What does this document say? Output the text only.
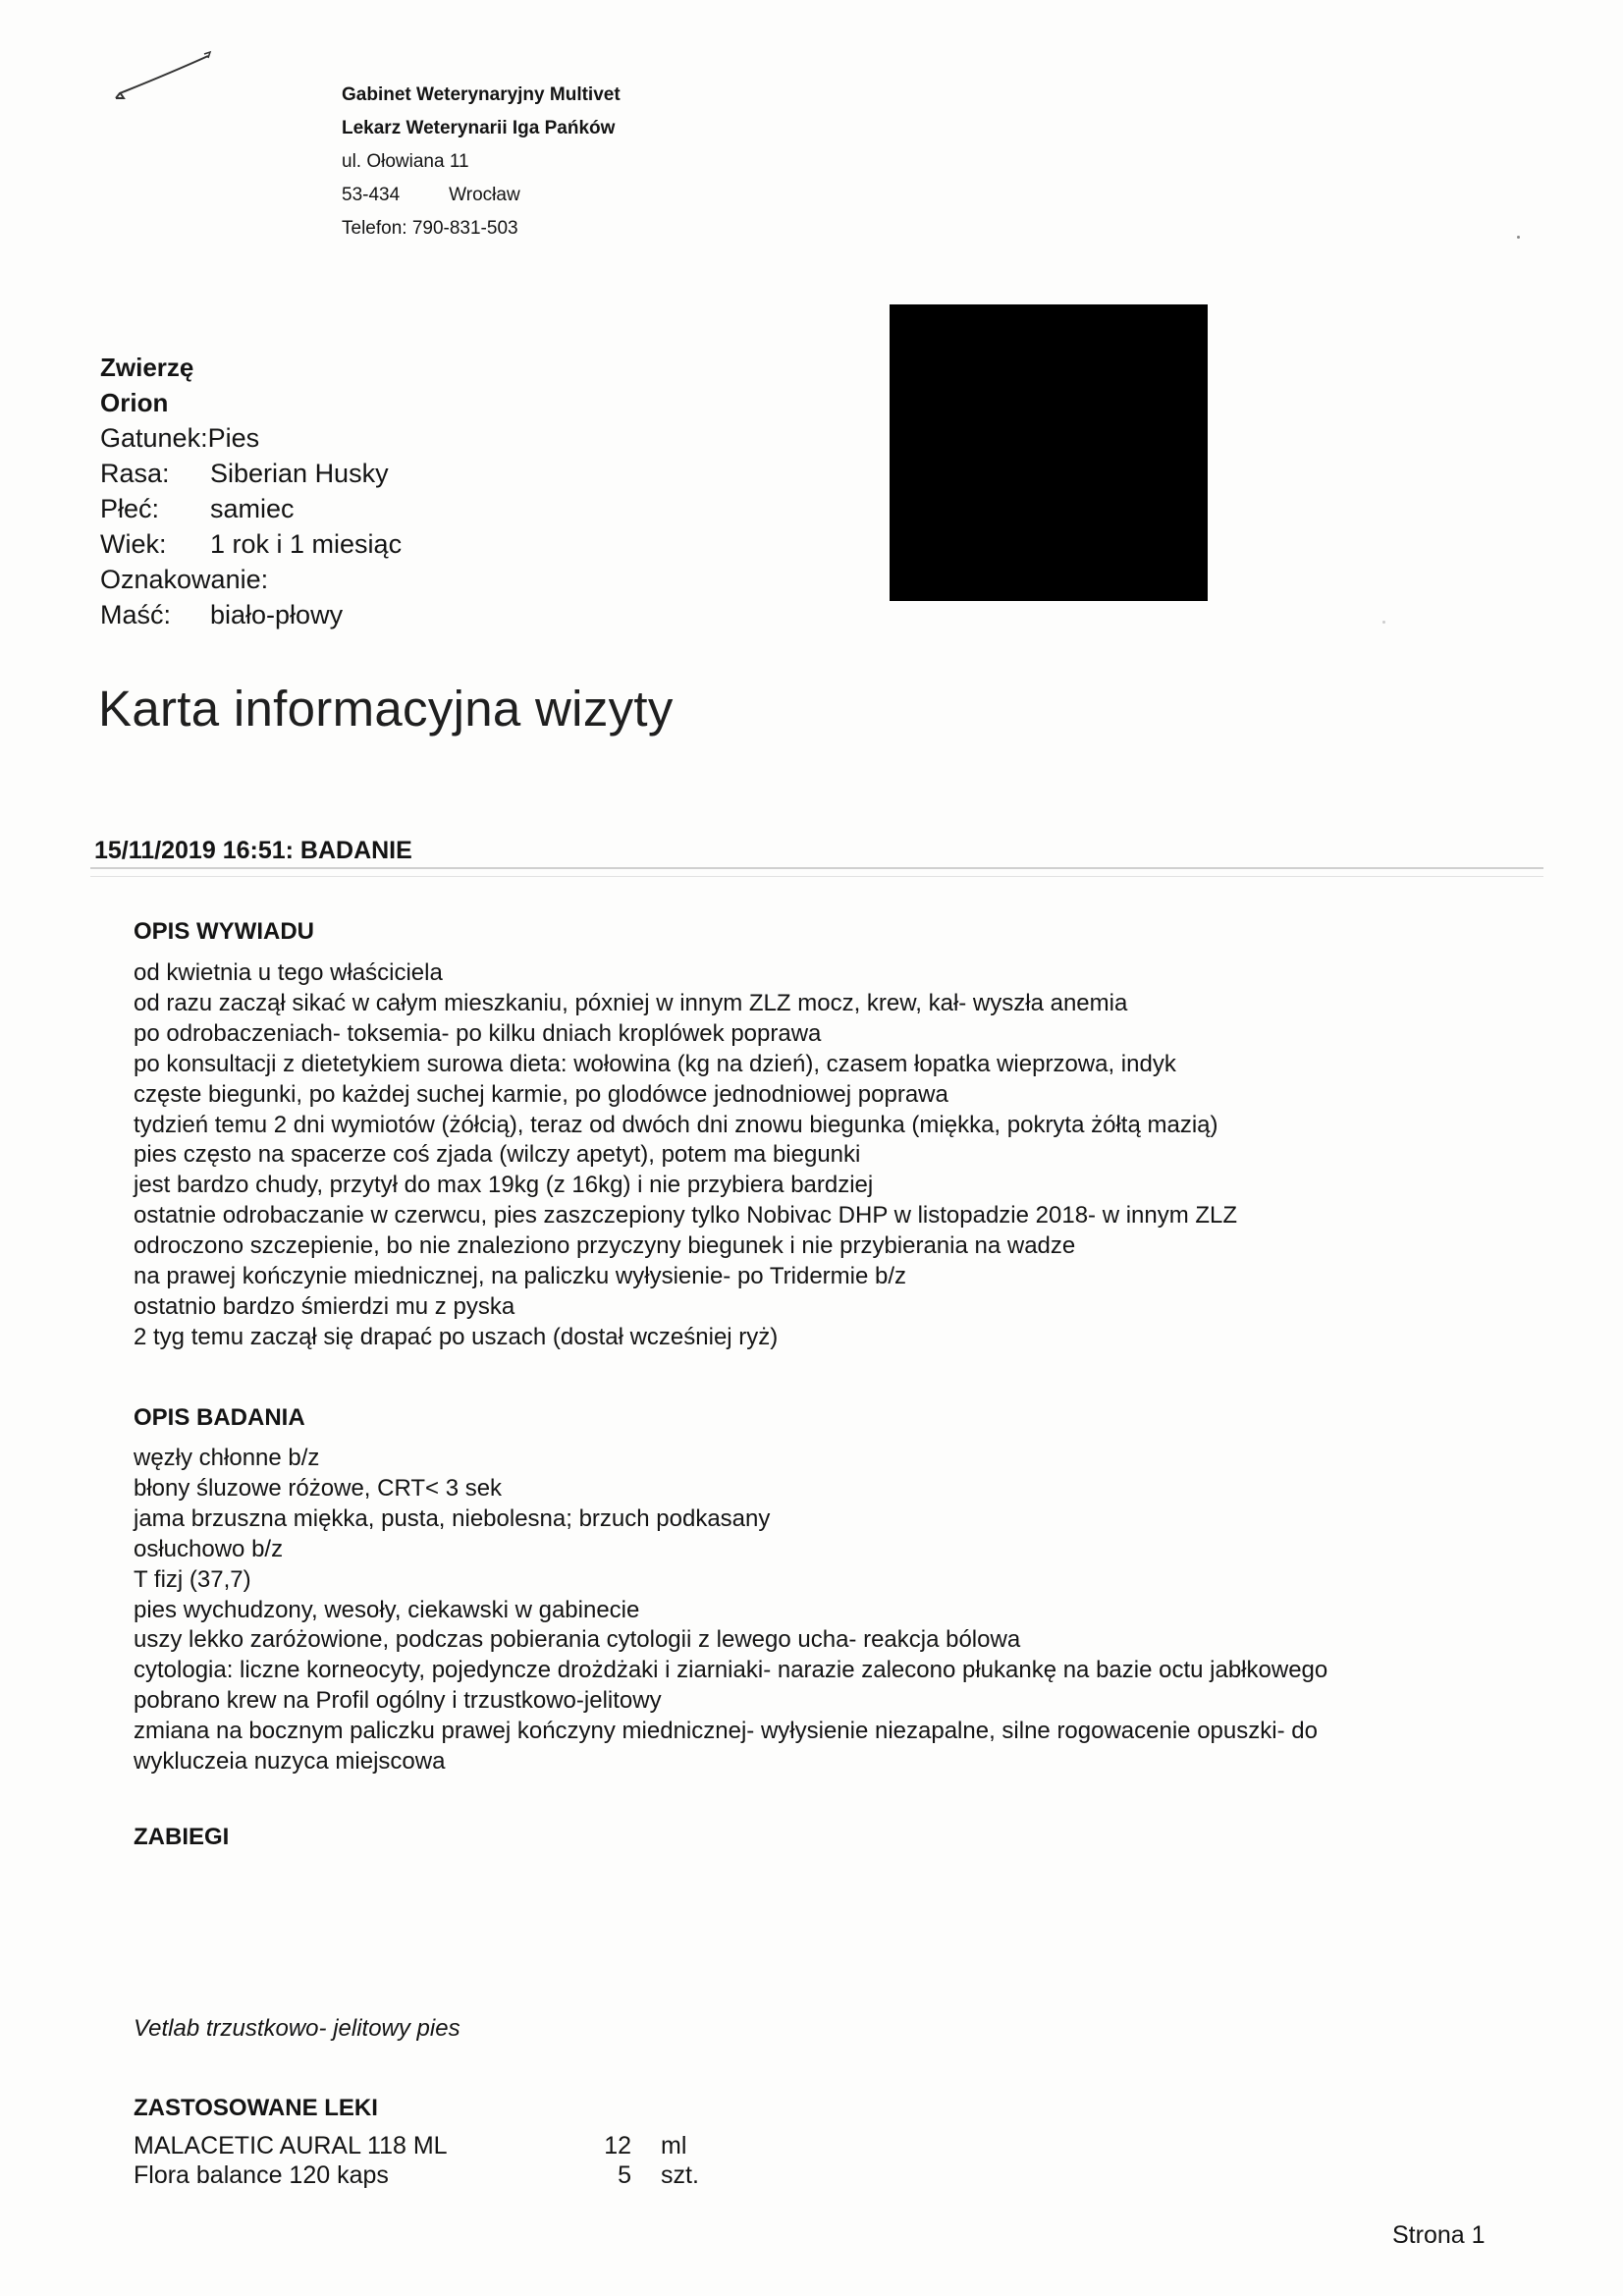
Gabinet Weterynaryjny Multivet
Lekarz Weterynarii Iga Pańków
ul. Ołowiana 11
53-434	Wrocław
Telefon: 790-831-503
Zwierzę
Orion
Gatunek:Pies
Rasa:	Siberian Husky
Płeć:	samiec
Wiek:	1 rok i 1 miesiąc
Oznakowanie:
Maść:	biało-płowy
Karta informacyjna wizyty
15/11/2019 16:51: BADANIE
OPIS WYWIADU
od kwietnia u tego właściciela
od razu zaczął sikać w całym mieszkaniu, póxniej w innym ZLZ mocz, krew, kał- wyszła anemia
po odrobaczeniach- toksemia- po kilku dniach kroplówek poprawa
po konsultacji z dietetykiem surowa dieta: wołowina (kg na dzień), czasem łopatka wieprzowa, indyk
częste biegunki, po każdej suchej karmie, po glodówce jednodniowej poprawa
tydzień temu 2 dni wymiotów (żółcią), teraz od dwóch dni znowu biegunka (miękka, pokryta żółtą mazią)
pies często na spacerze coś zjada (wilczy apetyt), potem ma biegunki
jest bardzo chudy, przytył do max 19kg (z 16kg) i nie przybiera bardziej
ostatnie odrobaczanie w czerwcu, pies zaszczepiony tylko Nobivac DHP w listopadzie 2018- w innym ZLZ
odroczono szczepienie, bo nie znaleziono przyczyny biegunek i nie przybierania na wadze
na prawej kończynie miednicznej, na paliczku wyłysienie- po Tridermie b/z
ostatnio bardzo śmierdzi mu z pyska
2 tyg temu zaczął się drapać po uszach (dostał wcześniej ryż)
OPIS BADANIA
węzły chłonne b/z
błony śluzowe różowe, CRT< 3 sek
jama brzuszna miękka, pusta, niebolesna; brzuch podkasany
osłuchowo b/z
T fizj (37,7)
pies wychudzony, wesoły, ciekawski w gabinecie
uszy lekko zaróżowione, podczas pobierania cytologii z lewego ucha- reakcja bólowa
cytologia: liczne korneocyty, pojedyncze drożdżaki i ziarniaki- narazie zalecono płukankę na bazie octu jabłkowego
pobrano krew na Profil ogólny i trzustkowo-jelitowy
zmiana na bocznym paliczku prawej kończyny miednicznej- wyłysienie niezapalne, silne rogowacenie opuszki- do
wykluczeia nuzyca miejscowa
ZABIEGI
Vetlab trzustkowo- jelitowy pies
ZASTOSOWANE LEKI
MALACETIC AURAL 118 ML	12 ml
Flora balance 120 kaps	5 szt.
Strona 1
